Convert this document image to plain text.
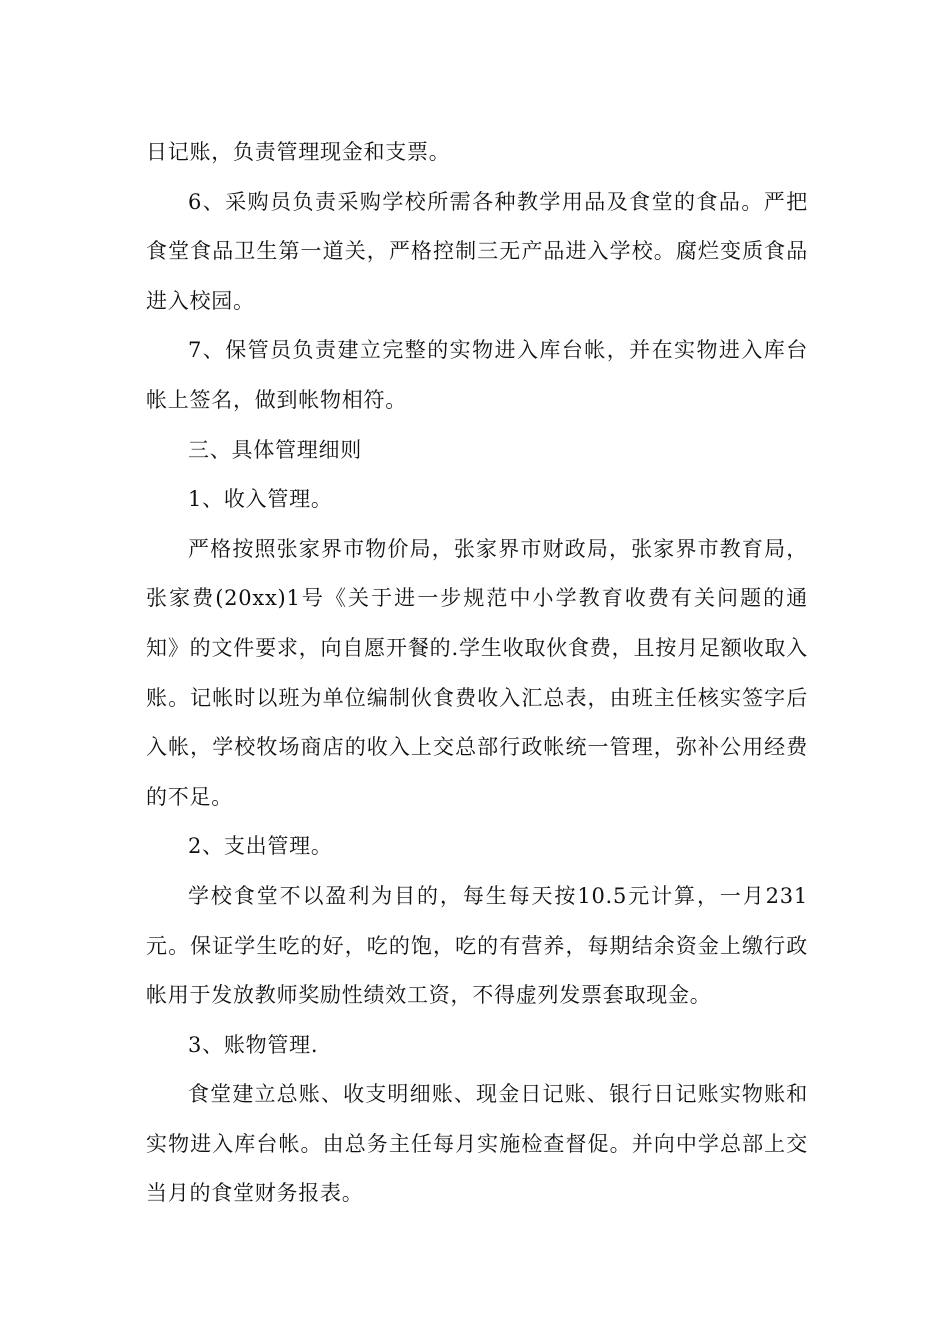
日记账，负责管理现金和支票。

6、采购员负责采购学校所需各种教学用品及食堂的食品。严把食堂食品卫生第一道关，严格控制三无产品进入学校。腐烂变质食品进入校园。

7、保管员负责建立完整的实物进入库台帐，并在实物进入库台帐上签名，做到帐物相符。

三、具体管理细则

1、收入管理。

严格按照张家界市物价局，张家界市财政局，张家界市教育局，张家费(20xx)1号《关于进一步规范中小学教育收费有关问题的通知》的文件要求，向自愿开餐的.学生收取伙食费，且按月足额收取入账。记帐时以班为单位编制伙食费收入汇总表，由班主任核实签字后入帐，学校牧场商店的收入上交总部行政帐统一管理，弥补公用经费的不足。

2、支出管理。

学校食堂不以盈利为目的，每生每天按10.5元计算，一月231元。保证学生吃的好，吃的饱，吃的有营养，每期结余资金上缴行政帐用于发放教师奖励性绩效工资，不得虚列发票套取现金。

3、账物管理.

食堂建立总账、收支明细账、现金日记账、银行日记账实物账和实物进入库台帐。由总务主任每月实施检查督促。并向中学总部上交当月的食堂财务报表。
